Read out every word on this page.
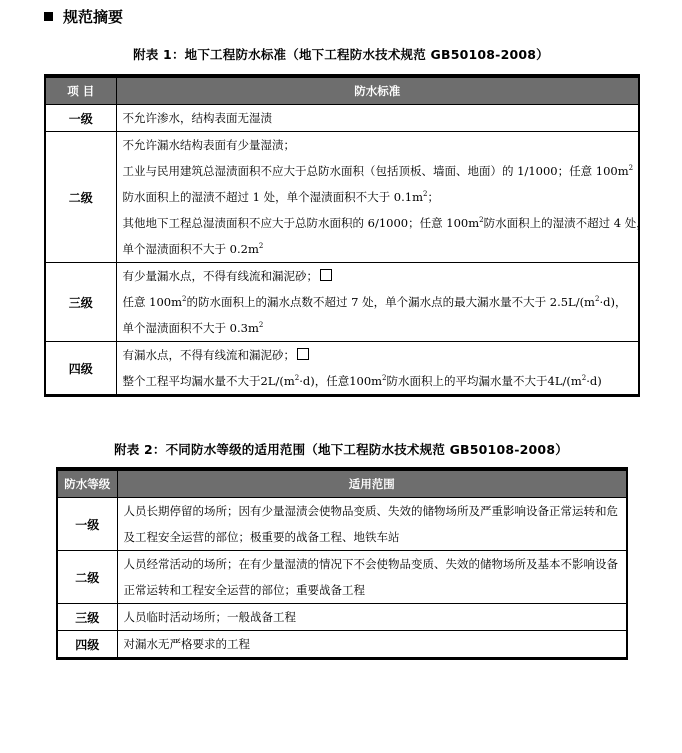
规范摘要
附表 1：地下工程防水标准（地下工程防水技术规范 GB50108-2008）
项 目	防水标准
一级	不允许渗水，结构表面无湿渍

二级	不允许漏水结构表面有少量湿渍；
工业与民用建筑总湿渍面积不应大于总防水面积（包括顶板、墙面、地面）的 1/1000；任意 $100m^2$
防水面积上的湿渍不超过 1 处，单个湿渍面积不大于 $0.1m^2$；
其他地下工程总湿渍面积不应大于总防水面积的 6/1000；任意 $100m^2$防水面积上的湿渍不超过 4 处，
单个湿渍面积不大于 $0.2m^2$

三级	有少量漏水点，不得有线流和漏泥砂；
任意 $100m^2$的防水面积上的漏水点数不超过 7 处，单个漏水点的最大漏水量不大于 $2.5L/(m^2\cdot d)$，
单个湿渍面积不大于 $0.3m^2$

四级	有漏水点，不得有线流和漏泥砂；
整个工程平均漏水量不大于$2L/(m^2\cdot d)$，任意$100m^2$防水面积上的平均漏水量不大于$4L/(m^2\cdot d)$
附表 2：不同防水等级的适用范围（地下工程防水技术规范 GB50108-2008）
防水等级	适用范围
一级	人员长期停留的场所；因有少量湿渍会使物品变质、失效的储物场所及严重影响设备正常运转和危及工程安全运营的部位；极重要的战备工程、地铁车站

二级	人员经常活动的场所；在有少量湿渍的情况下不会使物品变质、失效的储物场所及基本不影响设备正常运转和工程安全运营的部位；重要战备工程

三级	人员临时活动场所；一般战备工程

四级	对漏水无严格要求的工程
